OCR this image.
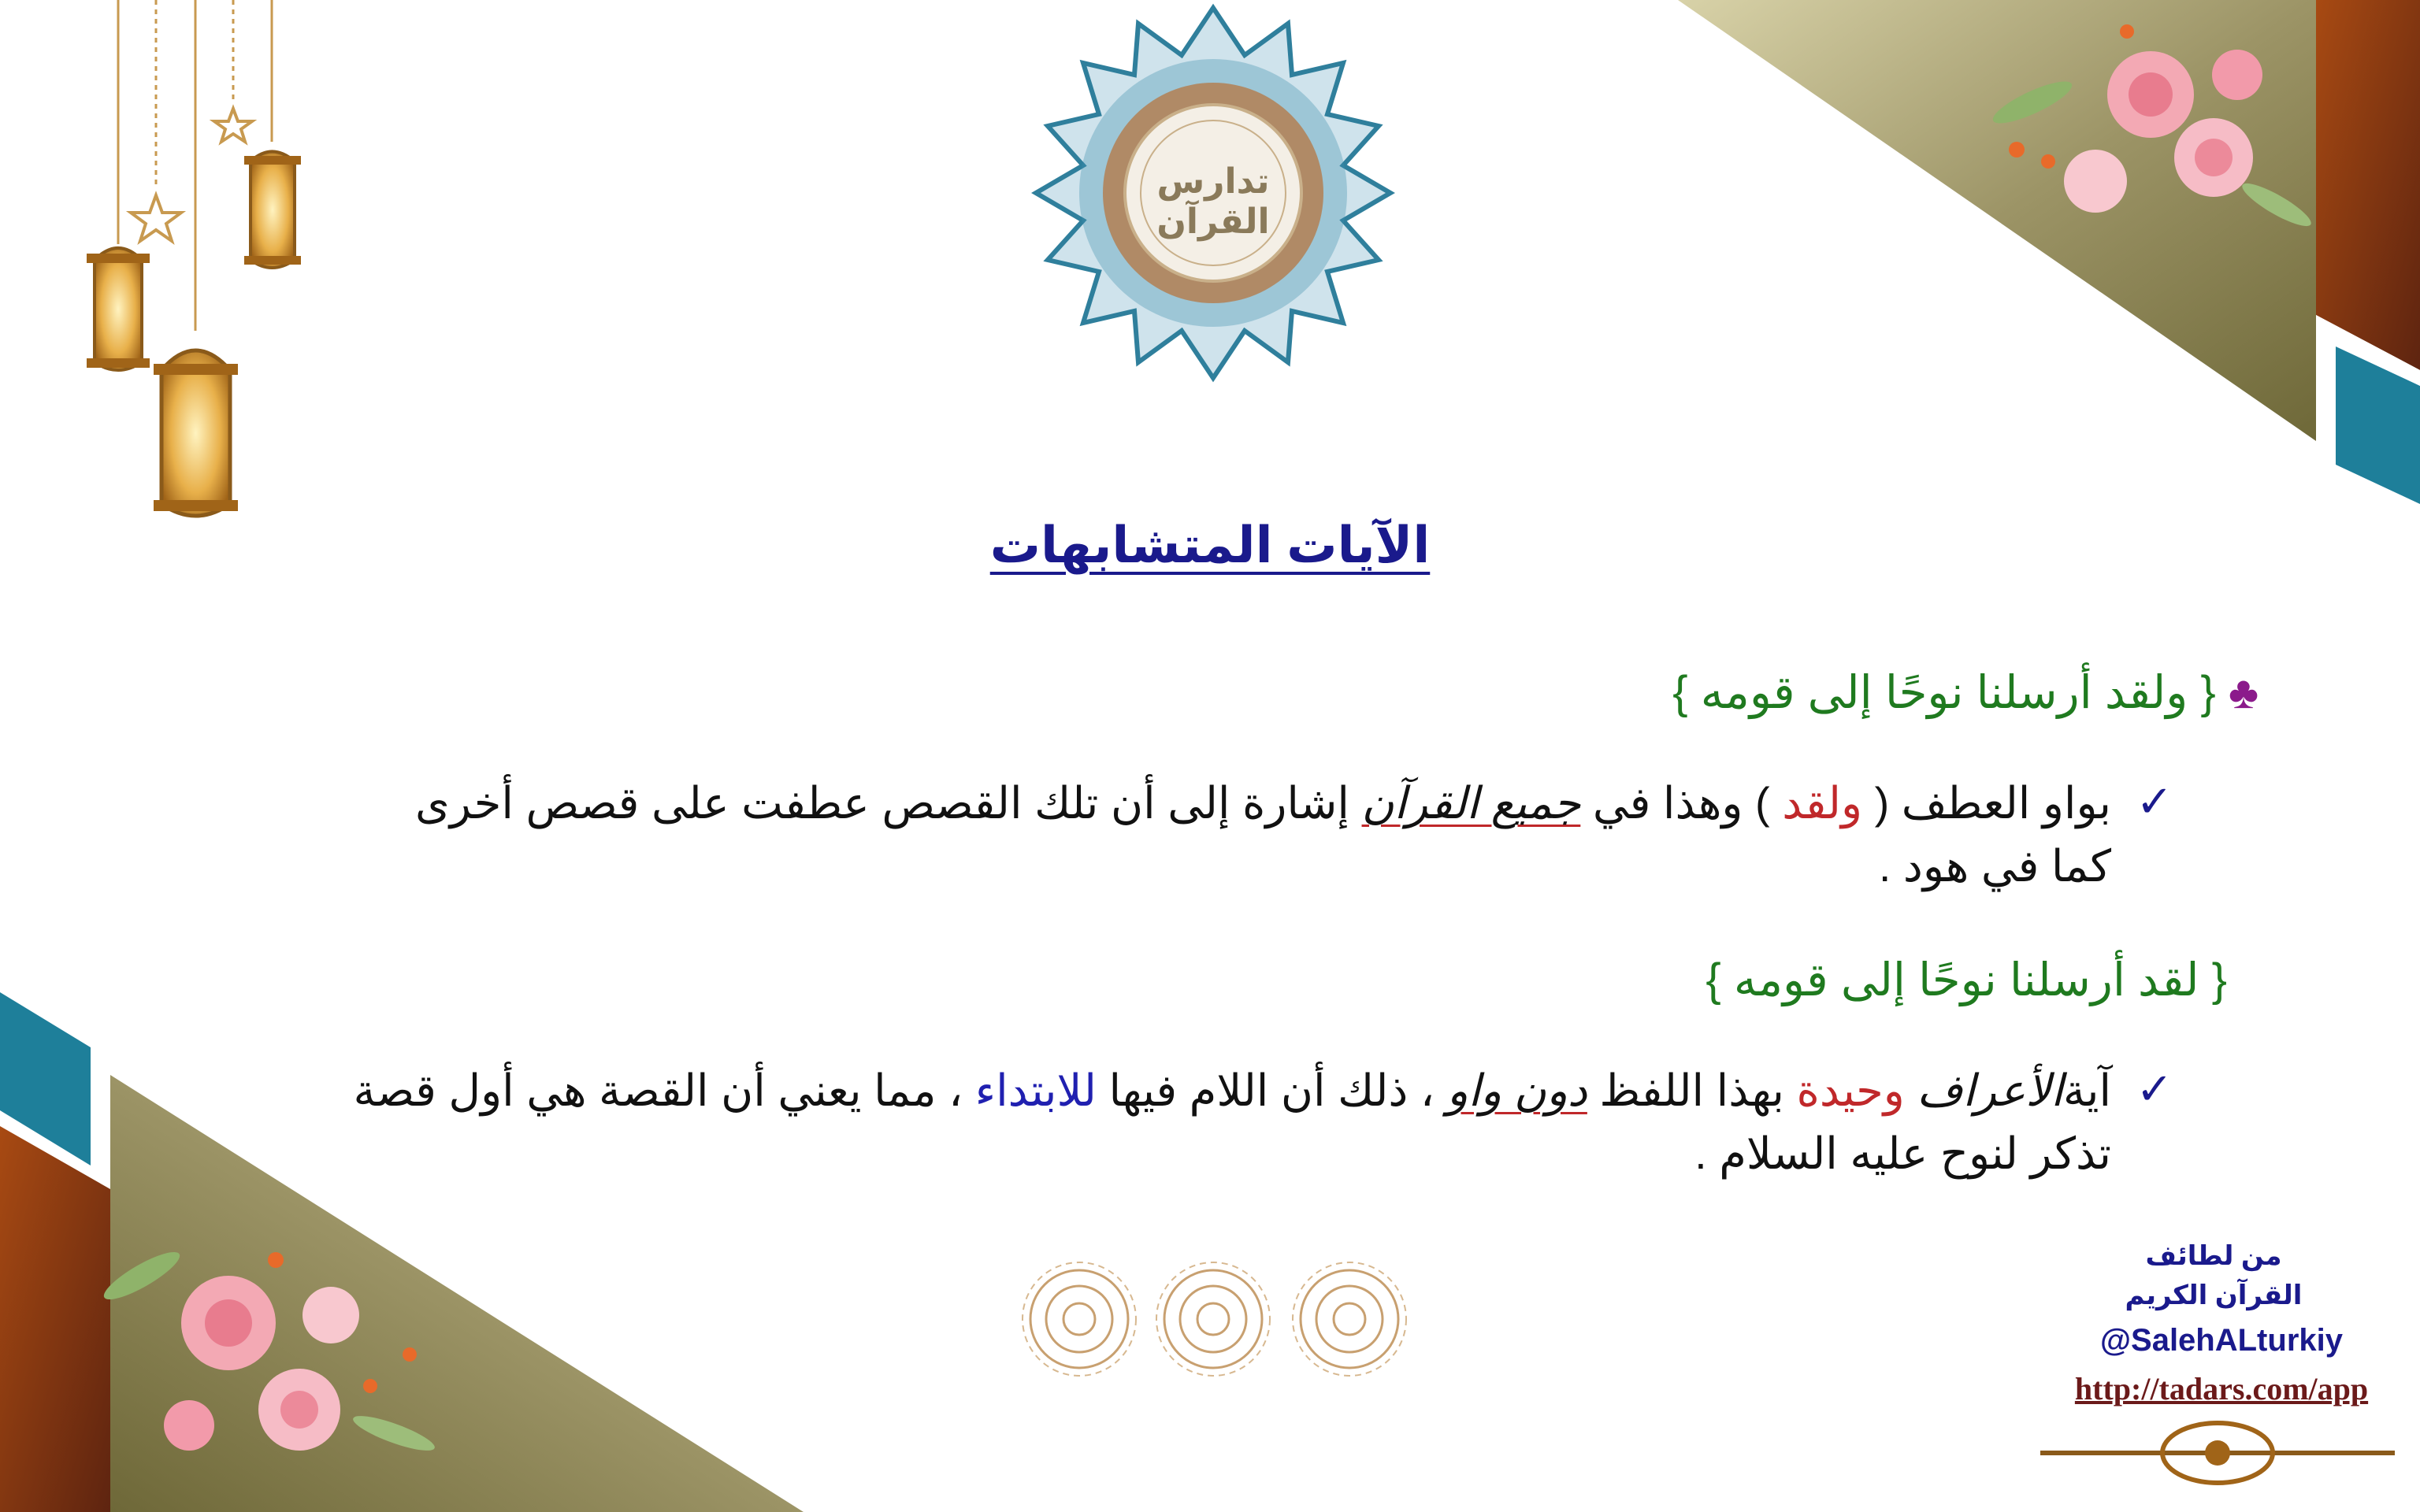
تدارس القرآن
الآيات المتشابهات
♣ { ولقد أرسلنا نوحًا إلى قومه }
✓
بواو العطف ( ولقد ) وهذا في جميع القرآن إشارة إلى أن تلك القصص عطفت على قصص أخرى
كما في هود .
{ لقد أرسلنا نوحًا إلى قومه }
✓
آيةالأعراف وحيدة بهذا اللفظ دون واو ، ذلك أن اللام فيها للابتداء ، مما يعني أن القصة هي أول قصة
تذكر لنوح عليه السلام .
من لطائف
القرآن الكريم
@SalehALturkiy
http://tadars.com/app
